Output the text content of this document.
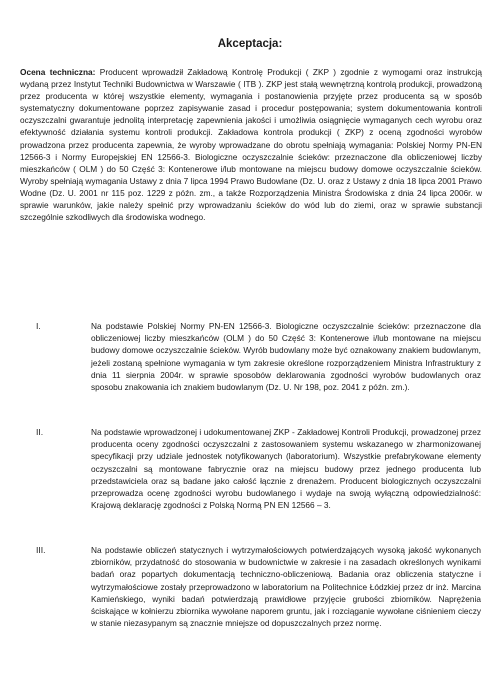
Akceptacja:

Ocena techniczna: Producent wprowadził Zakładową Kontrolę Produkcji ( ZKP ) zgodnie z wymogami oraz instrukcją wydaną przez Instytut Techniki Budownictwa w Warszawie ( ITB ). ZKP jest stałą wewnętrzną kontrolą produkcji, prowadzoną przez producenta w której wszystkie elementy, wymagania i postanowienia przyjęte przez producenta są w sposób systematyczny dokumentowane poprzez zapisywanie zasad i procedur postępowania; system dokumentowania kontroli oczyszczalni gwarantuje jednolitą interpretację zapewnienia jakości i umożliwia osiągnięcie wymaganych cech wyrobu oraz efektywność działania systemu kontroli produkcji. Zakładowa kontrola produkcji ( ZKP) z oceną zgodności wyrobów prowadzona przez producenta zapewnia, że wyroby wprowadzane do obrotu spełniają wymagania: Polskiej Normy PN-EN 12566-3 i Normy Europejskiej EN 12566-3. Biologiczne oczyszczalnie ścieków: przeznaczone dla obliczeniowej liczby mieszkańców ( OLM ) do 50 Część 3: Kontenerowe i/lub montowane na miejscu budowy domowe oczyszczalnie ścieków. Wyroby spełniają wymagania Ustawy z dnia 7 lipca 1994 Prawo Budowlane (Dz. U. oraz z Ustawy z dnia 18 lipca 2001 Prawo Wodne (Dz. U. 2001 nr 115 poz. 1229 z późn. zm., a także Rozporządzenia Ministra Środowiska z dnia 24 lipca 2006r. w sprawie warunków, jakie należy spełnić przy wprowadzaniu ścieków do wód lub do ziemi, oraz w sprawie substancji szczególnie szkodliwych dla środowiska wodnego.

I.	Na podstawie Polskiej Normy PN-EN 12566-3. Biologiczne oczyszczalnie ścieków: przeznaczone dla obliczeniowej liczby mieszkańców (OLM ) do 50 Część 3: Kontenerowe i/lub montowane na miejscu budowy domowe oczyszczalnie ścieków. Wyrób budowlany może być oznakowany znakiem budowlanym, jeżeli zostaną spełnione wymagania w tym zakresie określone rozporządzeniem Ministra Infrastruktury z dnia 11 sierpnia 2004r. w sprawie sposobów deklarowania zgodności wyrobów budowlanych oraz sposobu znakowania ich znakiem budowlanym (Dz. U. Nr 198, poz. 2041 z późn. zm.).

II.	Na podstawie wprowadzonej i udokumentowanej ZKP - Zakładowej Kontroli Produkcji, prowadzonej przez producenta oceny zgodności oczyszczalni z zastosowaniem systemu wskazanego w zharmonizowanej specyfikacji przy udziale jednostek notyfikowanych (laboratorium). Wszystkie prefabrykowane elementy oczyszczalni są montowane fabrycznie oraz na miejscu budowy przez jednego producenta lub przedstawiciela oraz są badane jako całość łącznie z drenażem. Producent biologicznych oczyszczalni przeprowadza ocenę zgodności wyrobu budowlanego i wydaje na swoją wyłączną odpowiedzialność: Krajową deklarację zgodności z Polską Normą PN EN 12566 – 3.

III.	Na podstawie obliczeń statycznych i wytrzymałościowych potwierdzających wysoką jakość wykonanych zbiorników, przydatność do stosowania w budownictwie w zakresie i na zasadach określonych wynikami badań oraz popartych dokumentacją techniczno-obliczeniową. Badania oraz obliczenia statyczne i wytrzymałościowe zostały przeprowadzono w laboratorium na Politechnice Łódzkiej przez dr inż. Marcina Kamieńskiego, wyniki badań potwierdzają prawidłowe przyjęcie grubości zbiorników. Naprężenia ściskające w kołnierzu zbiornika wywołane naporem gruntu, jak i rozciąganie wywołane ciśnieniem cieczy w stanie niezasypanym są znacznie mniejsze od dopuszczalnych przez normę.
